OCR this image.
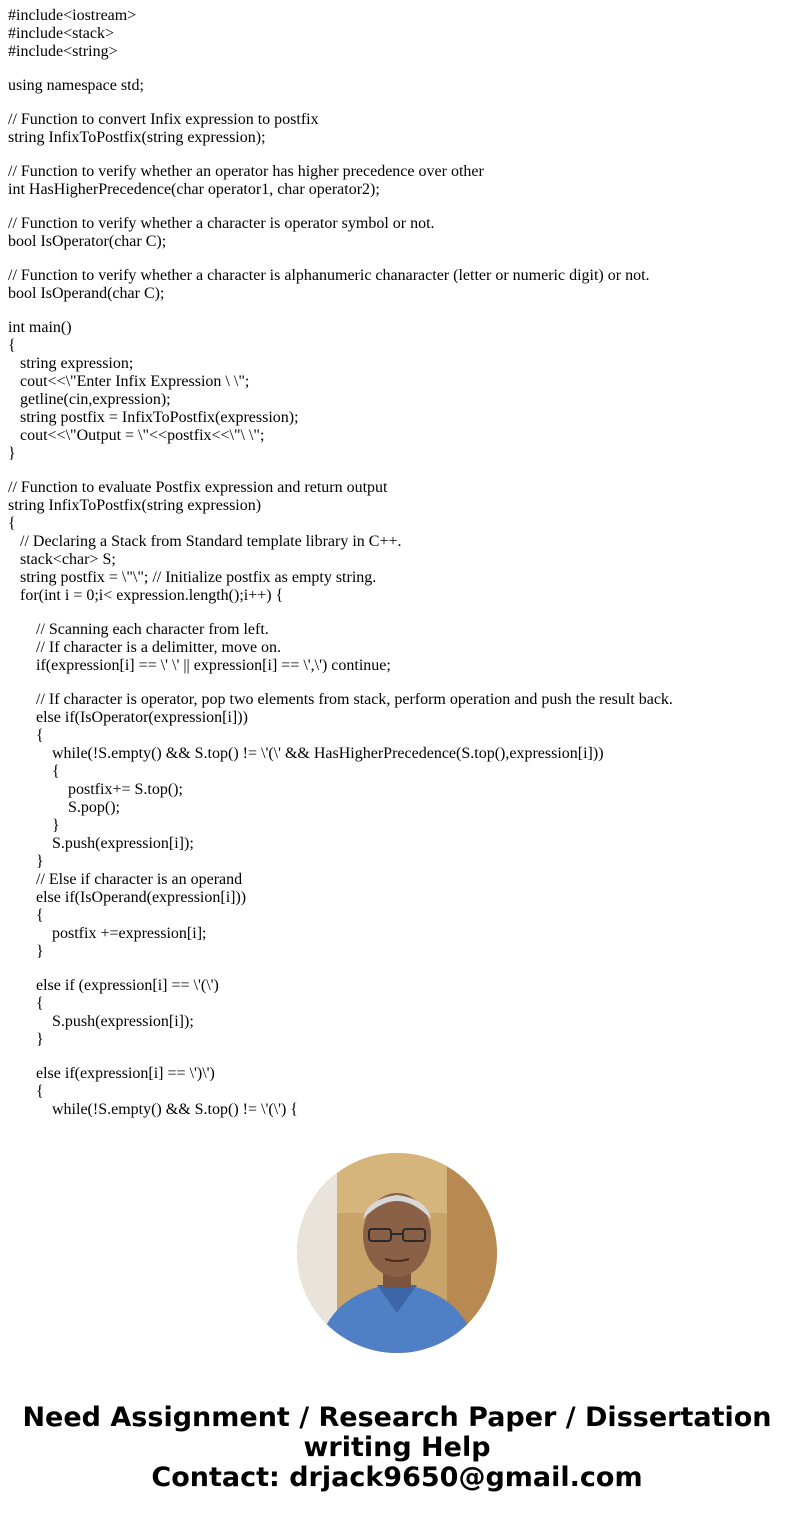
#include<iostream>
#include<stack>
#include<string>
using namespace std;
// Function to convert Infix expression to postfix
string InfixToPostfix(string expression);
// Function to verify whether an operator has higher precedence over other
int HasHigherPrecedence(char operator1, char operator2);
// Function to verify whether a character is operator symbol or not.
bool IsOperator(char C);
// Function to verify whether a character is alphanumeric chanaracter (letter or numeric digit) or not.
bool IsOperand(char C);
int main()
{
string expression;
cout<<\"Enter Infix Expression \ \";
getline(cin,expression);
string postfix = InfixToPostfix(expression);
cout<<\"Output = \"<<postfix<<\"\ \";
}
// Function to evaluate Postfix expression and return output
string InfixToPostfix(string expression)
{
// Declaring a Stack from Standard template library in C++.
stack<char> S;
string postfix = \"\"; // Initialize postfix as empty string.
for(int i = 0;i< expression.length();i++) {
// Scanning each character from left.
// If character is a delimitter, move on.
if(expression[i] == \' \' || expression[i] == \',\') continue;
// If character is operator, pop two elements from stack, perform operation and push the result back.
else if(IsOperator(expression[i]))
{
while(!S.empty() && S.top() != \'(\' && HasHigherPrecedence(S.top(),expression[i]))
{
postfix+= S.top();
S.pop();
}
S.push(expression[i]);
}
// Else if character is an operand
else if(IsOperand(expression[i]))
{
postfix +=expression[i];
}
else if (expression[i] == \'(\')
{
S.push(expression[i]);
}
else if(expression[i] == \')\')
{
while(!S.empty() && S.top() != \'(\') {
Need Assignment / Research Paper / Dissertation
writing Help
Contact: drjack9650@gmail.com
